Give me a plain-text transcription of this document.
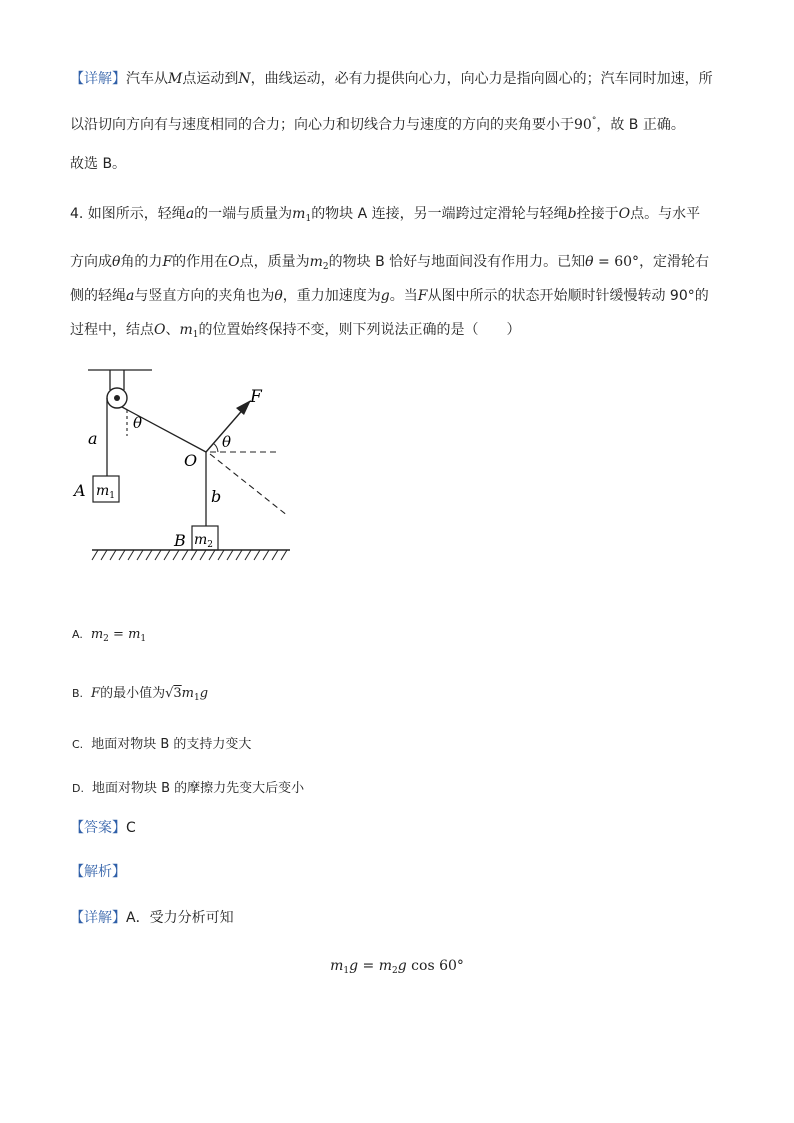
【详解】汽车从M点运动到N，曲线运动，必有力提供向心力，向心力是指向圆心的；汽车同时加速，所
以沿切向方向有与速度相同的合力；向心力和切线合力与速度的方向的夹角要小于90°，故 B 正确。
故选 B。
4. 如图所示，轻绳a的一端与质量为$m_1$的物块 A 连接，另一端跨过定滑轮与轻绳b拴接于O点。与水平
方向成θ角的力F的作用在O点，质量为$m_2$的物块 B 恰好与地面间没有作用力。已知θ = 60°，定滑轮右
侧的轻绳a与竖直方向的夹角也为θ，重力加速度为g。当F从图中所示的状态开始顺时针缓慢转动 90°的
过程中，结点O、$m_1$的位置始终保持不变，则下列说法正确的是（　　）
F
θ
θ
a
O
b
A
B
$m_1$
$m_2$
A. $m_2 = m_1$
B. F的最小值为$√3m_1g$
C. 地面对物块 B 的支持力变大
D. 地面对物块 B 的摩擦力先变大后变小
【答案】C
【解析】
【详解】A．受力分析可知
$m_1g = m_2g$ cos 60°
